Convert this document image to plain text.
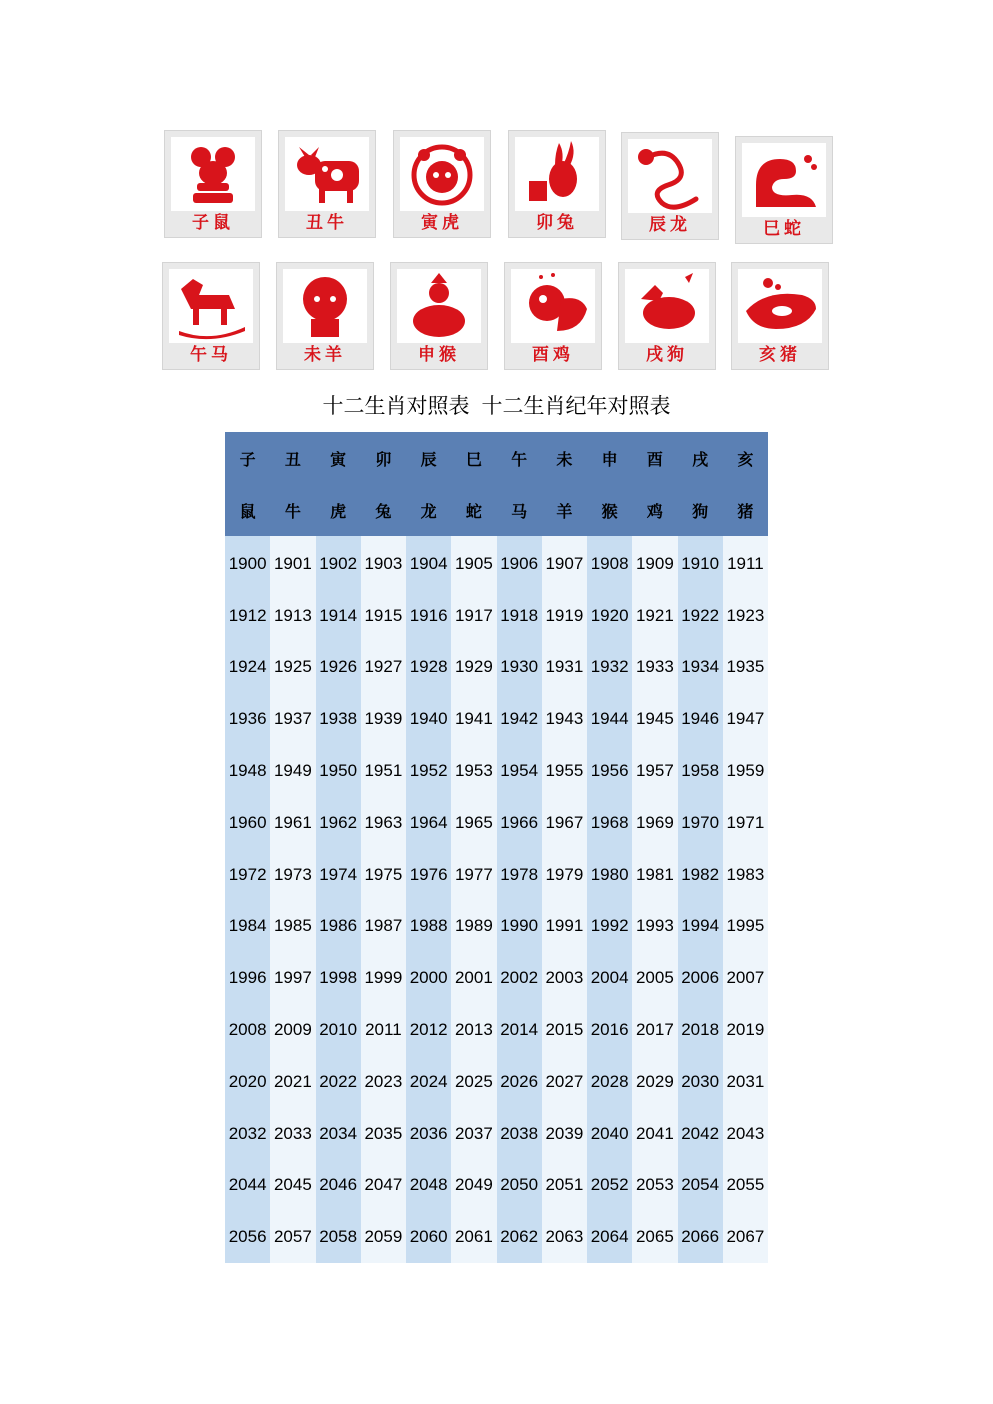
子鼠	丑牛	寅虎	卯兔	辰龙	巳蛇
午马	未羊	申猴	酉鸡	戌狗	亥猪
十二生肖对照表 十二生肖纪年对照表
子	丑	寅	卯	辰	巳	午	未	申	酉	戌	亥
鼠	牛	虎	兔	龙	蛇	马	羊	猴	鸡	狗	猪
1900	1901	1902	1903	1904	1905	1906	1907	1908	1909	1910	1911
1912	1913	1914	1915	1916	1917	1918	1919	1920	1921	1922	1923
1924	1925	1926	1927	1928	1929	1930	1931	1932	1933	1934	1935
1936	1937	1938	1939	1940	1941	1942	1943	1944	1945	1946	1947
1948	1949	1950	1951	1952	1953	1954	1955	1956	1957	1958	1959
1960	1961	1962	1963	1964	1965	1966	1967	1968	1969	1970	1971
1972	1973	1974	1975	1976	1977	1978	1979	1980	1981	1982	1983
1984	1985	1986	1987	1988	1989	1990	1991	1992	1993	1994	1995
1996	1997	1998	1999	2000	2001	2002	2003	2004	2005	2006	2007
2008	2009	2010	2011	2012	2013	2014	2015	2016	2017	2018	2019
2020	2021	2022	2023	2024	2025	2026	2027	2028	2029	2030	2031
2032	2033	2034	2035	2036	2037	2038	2039	2040	2041	2042	2043
2044	2045	2046	2047	2048	2049	2050	2051	2052	2053	2054	2055
2056	2057	2058	2059	2060	2061	2062	2063	2064	2065	2066	2067
